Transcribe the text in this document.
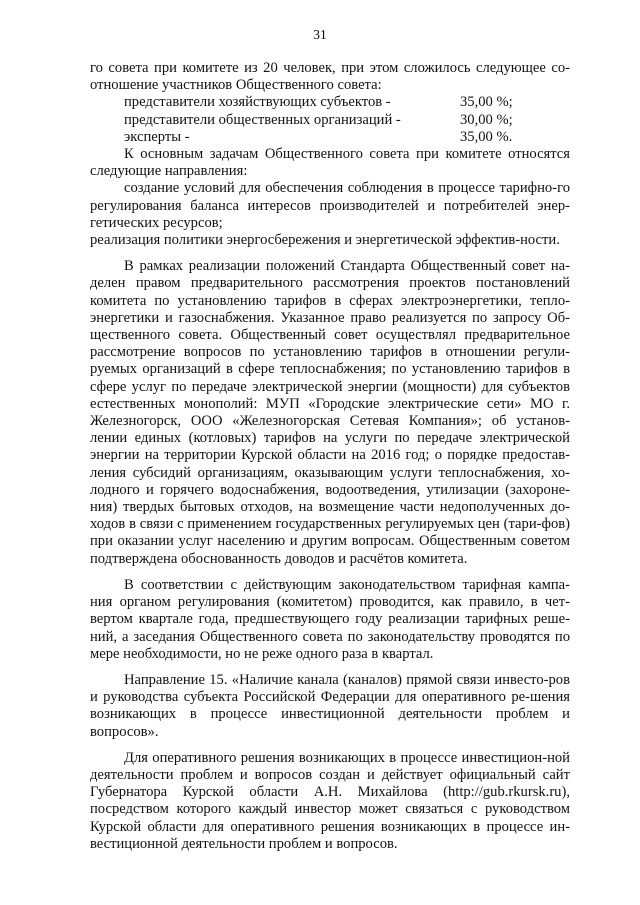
31

го совета при комитете из 20 человек, при этом сложилось следующее со-отношение участников Общественного совета:

представители хозяйствующих субъектов -	35,00 %;
представители общественных организаций -	30,00 %;
эксперты -	35,00 %.

К основным задачам Общественного совета при комитете относятся следующие направления:

создание условий для обеспечения соблюдения в процессе тарифно-го регулирования баланса интересов производителей и потребителей энер-гетических ресурсов;

реализация политики энергосбережения и энергетической эффектив-ности.

В рамках реализации положений Стандарта Общественный совет на-делен правом предварительного рассмотрения проектов постановлений комитета по установлению тарифов в сферах электроэнергетики, тепло-энергетики и газоснабжения. Указанное право реализуется по запросу Об-щественного совета. Общественный совет осуществлял предварительное рассмотрение вопросов по установлению тарифов в отношении регули-руемых организаций в сфере теплоснабжения; по установлению тарифов в сфере услуг по передаче электрической энергии (мощности) для субъектов естественных монополий: МУП «Городские электрические сети» МО г. Железногорск, ООО «Железногорская Сетевая Компания»; об установ-лении единых (котловых) тарифов на услуги по передаче электрической энергии на территории Курской области на 2016 год; о порядке предостав-ления субсидий организациям, оказывающим услуги теплоснабжения, хо-лодного и горячего водоснабжения, водоотведения, утилизации (захороне-ния) твердых бытовых отходов, на возмещение части недополученных до-ходов в связи с применением государственных регулируемых цен (тари-фов) при оказании услуг населению и другим вопросам. Общественным советом подтверждена обоснованность доводов и расчётов комитета.

В соответствии с действующим законодательством тарифная кампа-ния органом регулирования (комитетом) проводится, как правило, в чет-вертом квартале года, предшествующего году реализации тарифных реше-ний, а заседания Общественного совета по законодательству проводятся по мере необходимости, но не реже одного раза в квартал.

Направление 15. «Наличие канала (каналов) прямой связи инвесто-ров и руководства субъекта Российской Федерации для оперативного ре-шения возникающих в процессе инвестиционной деятельности проблем и вопросов».

Для оперативного решения возникающих в процессе инвестицион-ной деятельности проблем и вопросов создан и действует официальный сайт Губернатора Курской области А.Н. Михайлова (http://gub.rkursk.ru), посредством которого каждый инвестор может связаться с руководством Курской области для оперативного решения возникающих в процессе ин-вестиционной деятельности проблем и вопросов.
